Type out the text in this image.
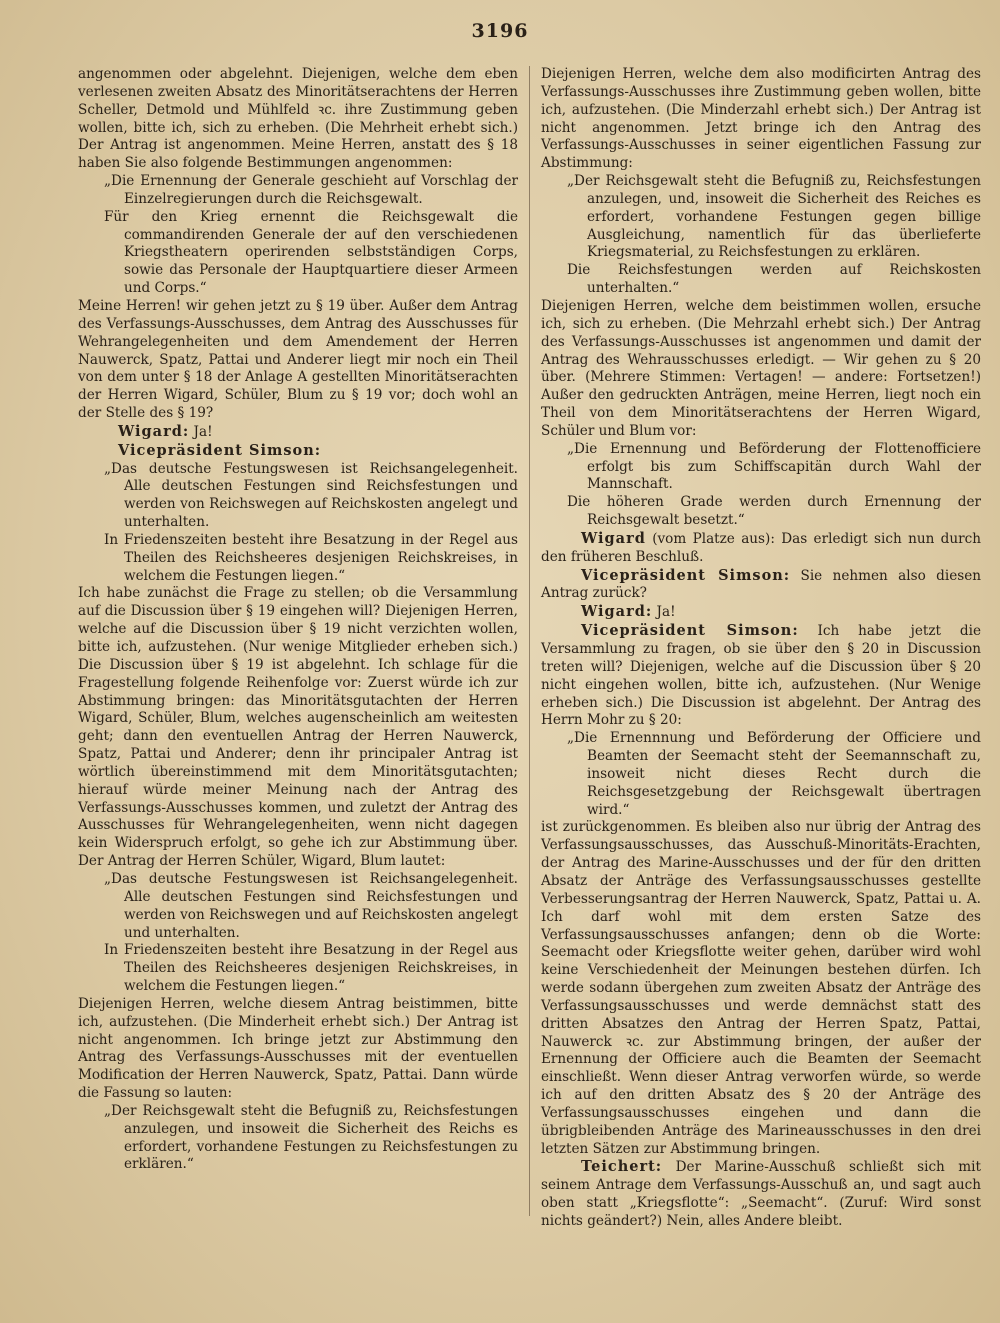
3196

angenommen oder abgelehnt. Diejenigen, welche dem eben verlesenen zweiten Absatz des Minoritätserachtens der Herren Scheller, Detmold und Mühlfeld ꝛc. ihre Zustimmung geben wollen, bitte ich, sich zu erheben. (Die Mehrheit erhebt sich.) Der Antrag ist angenommen. Meine Herren, anstatt des § 18 haben Sie also folgende Bestimmungen angenommen:

„Die Ernennung der Generale geschieht auf Vorschlag der Einzelregierungen durch die Reichsgewalt.

Für den Krieg ernennt die Reichsgewalt die commandirenden Generale der auf den verschiedenen Kriegstheatern operirenden selbstständigen Corps, sowie das Personale der Hauptquartiere dieser Armeen und Corps.“

Meine Herren! wir gehen jetzt zu § 19 über. Außer dem Antrag des Verfassungs-Ausschusses, dem Antrag des Ausschusses für Wehrangelegenheiten und dem Amendement der Herren Nauwerck, Spatz, Pattai und Anderer liegt mir noch ein Theil von dem unter § 18 der Anlage A gestellten Minoritätserachten der Herren Wigard, Schüler, Blum zu § 19 vor; doch wohl an der Stelle des § 19?

Wigard: Ja!

Vicepräsident Simson:

„Das deutsche Festungswesen ist Reichsangelegenheit. Alle deutschen Festungen sind Reichsfestungen und werden von Reichswegen auf Reichskosten angelegt und unterhalten.

In Friedenszeiten besteht ihre Besatzung in der Regel aus Theilen des Reichsheeres desjenigen Reichskreises, in welchem die Festungen liegen.“

Ich habe zunächst die Frage zu stellen; ob die Versammlung auf die Discussion über § 19 eingehen will? Diejenigen Herren, welche auf die Discussion über § 19 nicht verzichten wollen, bitte ich, aufzustehen. (Nur wenige Mitglieder erheben sich.) Die Discussion über § 19 ist abgelehnt. Ich schlage für die Fragestellung folgende Reihenfolge vor: Zuerst würde ich zur Abstimmung bringen: das Minoritätsgutachten der Herren Wigard, Schüler, Blum, welches augenscheinlich am weitesten geht; dann den eventuellen Antrag der Herren Nauwerck, Spatz, Pattai und Anderer; denn ihr principaler Antrag ist wörtlich übereinstimmend mit dem Minoritätsgutachten; hierauf würde meiner Meinung nach der Antrag des Verfassungs-Ausschusses kommen, und zuletzt der Antrag des Ausschusses für Wehrangelegenheiten, wenn nicht dagegen kein Widerspruch erfolgt, so gehe ich zur Abstimmung über. Der Antrag der Herren Schüler, Wigard, Blum lautet:

„Das deutsche Festungswesen ist Reichsangelegenheit. Alle deutschen Festungen sind Reichsfestungen und werden von Reichswegen und auf Reichskosten angelegt und unterhalten.

In Friedenszeiten besteht ihre Besatzung in der Regel aus Theilen des Reichsheeres desjenigen Reichskreises, in welchem die Festungen liegen.“

Diejenigen Herren, welche diesem Antrag beistimmen, bitte ich, aufzustehen. (Die Minderheit erhebt sich.) Der Antrag ist nicht angenommen. Ich bringe jetzt zur Abstimmung den Antrag des Verfassungs-Ausschusses mit der eventuellen Modification der Herren Nauwerck, Spatz, Pattai. Dann würde die Fassung so lauten:

„Der Reichsgewalt steht die Befugniß zu, Reichsfestungen anzulegen, und insoweit die Sicherheit des Reichs es erfordert, vorhandene Festungen zu Reichsfestungen zu erklären.“

Diejenigen Herren, welche dem also modificirten Antrag des Verfassungs-Ausschusses ihre Zustimmung geben wollen, bitte ich, aufzustehen. (Die Minderzahl erhebt sich.) Der Antrag ist nicht angenommen. Jetzt bringe ich den Antrag des Verfassungs-Ausschusses in seiner eigentlichen Fassung zur Abstimmung:

„Der Reichsgewalt steht die Befugniß zu, Reichsfestungen anzulegen, und, insoweit die Sicherheit des Reiches es erfordert, vorhandene Festungen gegen billige Ausgleichung, namentlich für das überlieferte Kriegsmaterial, zu Reichsfestungen zu erklären.

Die Reichsfestungen werden auf Reichskosten unterhalten.“

Diejenigen Herren, welche dem beistimmen wollen, ersuche ich, sich zu erheben. (Die Mehrzahl erhebt sich.) Der Antrag des Verfassungs-Ausschusses ist angenommen und damit der Antrag des Wehrausschusses erledigt. — Wir gehen zu § 20 über. (Mehrere Stimmen: Vertagen! — andere: Fortsetzen!) Außer den gedruckten Anträgen, meine Herren, liegt noch ein Theil von dem Minoritätserachtens der Herren Wigard, Schüler und Blum vor:

„Die Ernennung und Beförderung der Flottenofficiere erfolgt bis zum Schiffscapitän durch Wahl der Mannschaft.

Die höheren Grade werden durch Ernennung der Reichsgewalt besetzt.“

Wigard (vom Platze aus): Das erledigt sich nun durch den früheren Beschluß.

Vicepräsident Simson: Sie nehmen also diesen Antrag zurück?

Wigard: Ja!

Vicepräsident Simson: Ich habe jetzt die Versammlung zu fragen, ob sie über den § 20 in Discussion treten will? Diejenigen, welche auf die Discussion über § 20 nicht eingehen wollen, bitte ich, aufzustehen. (Nur Wenige erheben sich.) Die Discussion ist abgelehnt. Der Antrag des Herrn Mohr zu § 20:

„Die Ernennnung und Beförderung der Officiere und Beamten der Seemacht steht der Seemannschaft zu, insoweit nicht dieses Recht durch die Reichsgesetzgebung der Reichsgewalt übertragen wird.“

ist zurückgenommen. Es bleiben also nur übrig der Antrag des Verfassungsausschusses, das Ausschuß-Minoritäts-Erachten, der Antrag des Marine-Ausschusses und der für den dritten Absatz der Anträge des Verfassungsausschusses gestellte Verbesserungsantrag der Herren Nauwerck, Spatz, Pattai u. A. Ich darf wohl mit dem ersten Satze des Verfassungsausschusses anfangen; denn ob die Worte: Seemacht oder Kriegsflotte weiter gehen, darüber wird wohl keine Verschiedenheit der Meinungen bestehen dürfen. Ich werde sodann übergehen zum zweiten Absatz der Anträge des Verfassungsausschusses und werde demnächst statt des dritten Absatzes den Antrag der Herren Spatz, Pattai, Nauwerck ꝛc. zur Abstimmung bringen, der außer der Ernennung der Officiere auch die Beamten der Seemacht einschließt. Wenn dieser Antrag verworfen würde, so werde ich auf den dritten Absatz des § 20 der Anträge des Verfassungsausschusses eingehen und dann die übrigbleibenden Anträge des Marineausschusses in den drei letzten Sätzen zur Abstimmung bringen.

Teichert: Der Marine-Ausschuß schließt sich mit seinem Antrage dem Verfassungs-Ausschuß an, und sagt auch oben statt „Kriegsflotte“: „Seemacht“. (Zuruf: Wird sonst nichts geändert?) Nein, alles Andere bleibt.
